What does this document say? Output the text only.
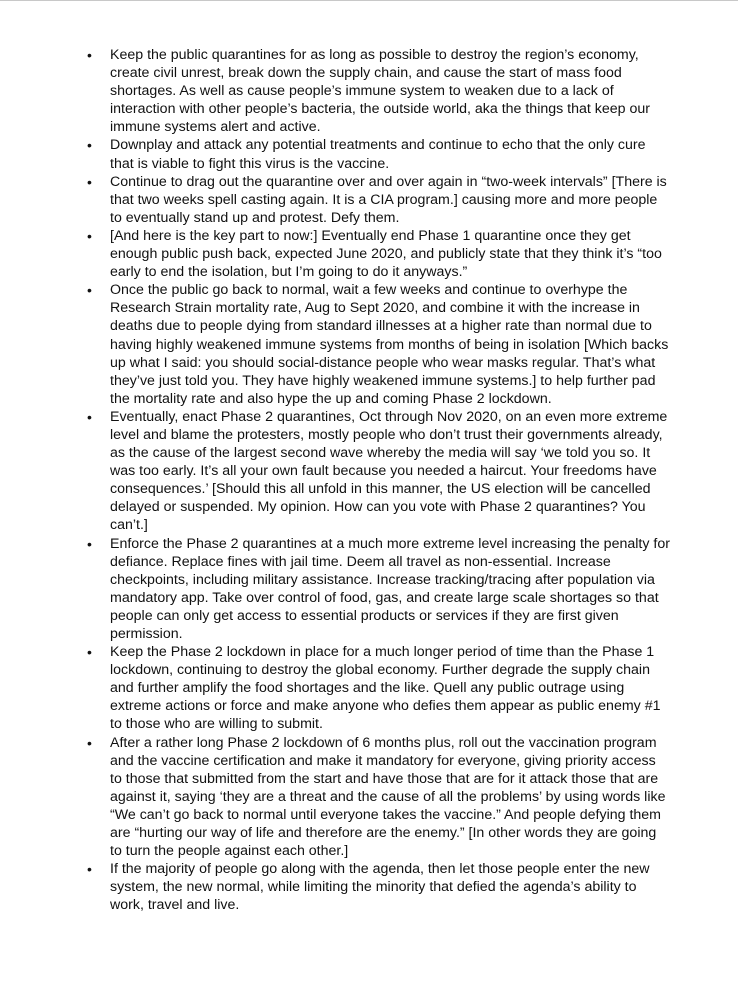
• Keep the public quarantines for as long as possible to destroy the region’s economy, create civil unrest, break down the supply chain, and cause the start of mass food shortages. As well as cause people’s immune system to weaken due to a lack of interaction with other people’s bacteria, the outside world, aka the things that keep our immune systems alert and active.
• Downplay and attack any potential treatments and continue to echo that the only cure that is viable to fight this virus is the vaccine.
• Continue to drag out the quarantine over and over again in “two-week intervals” [There is that two weeks spell casting again. It is a CIA program.] causing more and more people to eventually stand up and protest. Defy them.
• [And here is the key part to now:] Eventually end Phase 1 quarantine once they get enough public push back, expected June 2020, and publicly state that they think it’s “too early to end the isolation, but I’m going to do it anyways.”
• Once the public go back to normal, wait a few weeks and continue to overhype the Research Strain mortality rate, Aug to Sept 2020, and combine it with the increase in deaths due to people dying from standard illnesses at a higher rate than normal due to having highly weakened immune systems from months of being in isolation [Which backs up what I said: you should social-distance people who wear masks regular. That’s what they’ve just told you. They have highly weakened immune systems.] to help further pad the mortality rate and also hype the up and coming Phase 2 lockdown.
• Eventually, enact Phase 2 quarantines, Oct through Nov 2020, on an even more extreme level and blame the protesters, mostly people who don’t trust their governments already, as the cause of the largest second wave whereby the media will say ‘we told you so. It was too early. It’s all your own fault because you needed a haircut. Your freedoms have consequences.’ [Should this all unfold in this manner, the US election will be cancelled delayed or suspended. My opinion. How can you vote with Phase 2 quarantines? You can’t.]
• Enforce the Phase 2 quarantines at a much more extreme level increasing the penalty for defiance. Replace fines with jail time. Deem all travel as non-essential. Increase checkpoints, including military assistance. Increase tracking/tracing after population via mandatory app. Take over control of food, gas, and create large scale shortages so that people can only get access to essential products or services if they are first given permission.
• Keep the Phase 2 lockdown in place for a much longer period of time than the Phase 1 lockdown, continuing to destroy the global economy. Further degrade the supply chain and further amplify the food shortages and the like. Quell any public outrage using extreme actions or force and make anyone who defies them appear as public enemy #1 to those who are willing to submit.
• After a rather long Phase 2 lockdown of 6 months plus, roll out the vaccination program and the vaccine certification and make it mandatory for everyone, giving priority access to those that submitted from the start and have those that are for it attack those that are against it, saying ‘they are a threat and the cause of all the problems’ by using words like “We can’t go back to normal until everyone takes the vaccine.” And people defying them are “hurting our way of life and therefore are the enemy.” [In other words they are going to turn the people against each other.]
• If the majority of people go along with the agenda, then let those people enter the new system, the new normal, while limiting the minority that defied the agenda’s ability to work, travel and live.
